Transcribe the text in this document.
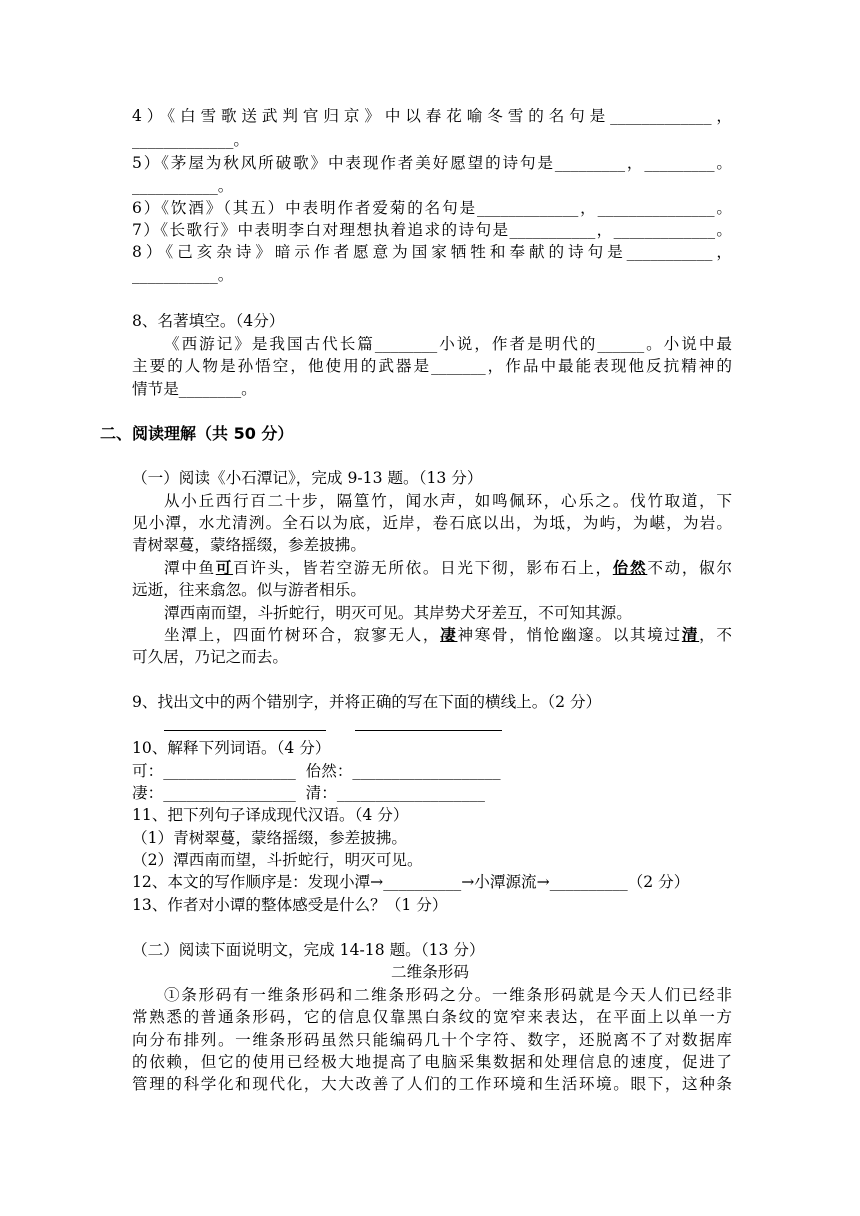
4）《白雪歌送武判官归京》中以春花喻冬雪的名句是_____________，
_____________。
5）《茅屋为秋风所破歌》中表现作者美好愿望的诗句是_________，_________。
___________。
6）《饮酒》（其五）中表明作者爱菊的名句是_____________，_______________。
7）《长歌行》中表明李白对理想执着追求的诗句是___________，_____________。
8）《己亥杂诗》暗示作者愿意为国家牺牲和奉献的诗句是___________，
___________。
8、名著填空。（4分）
《西游记》是我国古代长篇________小说，作者是明代的______。小说中最
主要的人物是孙悟空，他使用的武器是_______，作品中最能表现他反抗精神的
情节是________。
二、阅读理解（共 50 分）
（一）阅读《小石潭记》，完成 9-13 题。（13 分）
从小丘西行百二十步，隔篁竹，闻水声，如鸣佩环，心乐之。伐竹取道，下
见小潭，水尤清洌。全石以为底，近岸，卷石底以出，为坻，为屿，为嵁，为岩。
青树翠蔓，蒙络摇缀，参差披拂。
潭中鱼可百许头，皆若空游无所依。日光下彻，影布石上，佁然不动，俶尔
远逝，往来翕忽。似与游者相乐。
潭西南而望，斗折蛇行，明灭可见。其岸势犬牙差互，不可知其源。
坐潭上，四面竹树环合，寂寥无人，凄神寒骨，悄怆幽邃。以其境过清，不
可久居，乃记之而去。
9、找出文中的两个错别字，并将正确的写在下面的横线上。（2 分）
10、解释下列词语。（4 分）
可：_________________  佁然：___________________
凄：_________________  清：___________________
11、把下列句子译成现代汉语。（4 分）
（1）青树翠蔓，蒙络摇缀，参差披拂。
（2）潭西南而望，斗折蛇行，明灭可见。
12、本文的写作顺序是：发现小潭→__________→小潭源流→__________（2 分）
13、作者对小谭的整体感受是什么？（1 分）
（二）阅读下面说明文，完成 14-18 题。（13 分）
二维条形码
①条形码有一维条形码和二维条形码之分。一维条形码就是今天人们已经非
常熟悉的普通条形码，它的信息仅靠黑白条纹的宽窄来表达，在平面上以单一方
向分布排列。一维条形码虽然只能编码几十个字符、数字，还脱离不了对数据库
的依赖，但它的使用已经极大地提高了电脑采集数据和处理信息的速度，促进了
管理的科学化和现代化，大大改善了人们的工作环境和生活环境。眼下，这种条
